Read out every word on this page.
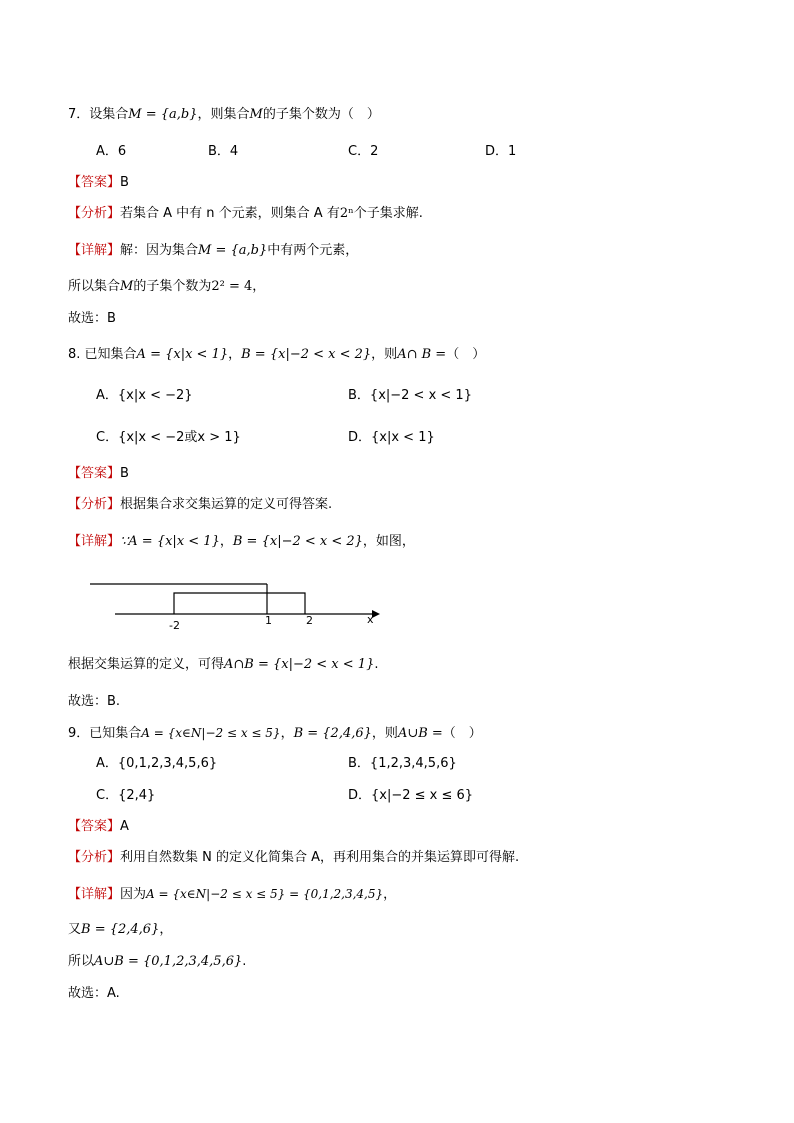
7．设集合M = {a,b}，则集合M的子集个数为（　）
A．6	B．4	C．2	D．1
【答案】B
【分析】若集合 A 中有 n 个元素，则集合 A 有2ⁿ个子集求解.
【详解】解：因为集合M = {a,b}中有两个元素，
所以集合M的子集个数为2² = 4，
故选：B
8. 已知集合A = {x|x < 1}，B = {x|−2 < x < 2}，则A∩ B =（　）
A．{x|x < −2}	B．{x|−2 < x < 1}
C．{x|x < −2或x > 1}	D．{x|x < 1}
【答案】B
【分析】根据集合求交集运算的定义可得答案.
【详解】∵A = {x|x < 1}，B = {x|−2 < x < 2}，如图，
-2	1	2	x
根据交集运算的定义，可得A∩B = {x|−2 < x < 1}.
故选：B.
9．已知集合A = {x∈N|−2 ≤ x ≤ 5}，B = {2,4,6}，则A∪B =（　）
A．{0,1,2,3,4,5,6}	B．{1,2,3,4,5,6}
C．{2,4}	D．{x|−2 ≤ x ≤ 6}
【答案】A
【分析】利用自然数集 N 的定义化简集合 A，再利用集合的并集运算即可得解.
【详解】因为A = {x∈N|−2 ≤ x ≤ 5} = {0,1,2,3,4,5}，
又B = {2,4,6}，
所以A∪B = {0,1,2,3,4,5,6}.
故选：A.
